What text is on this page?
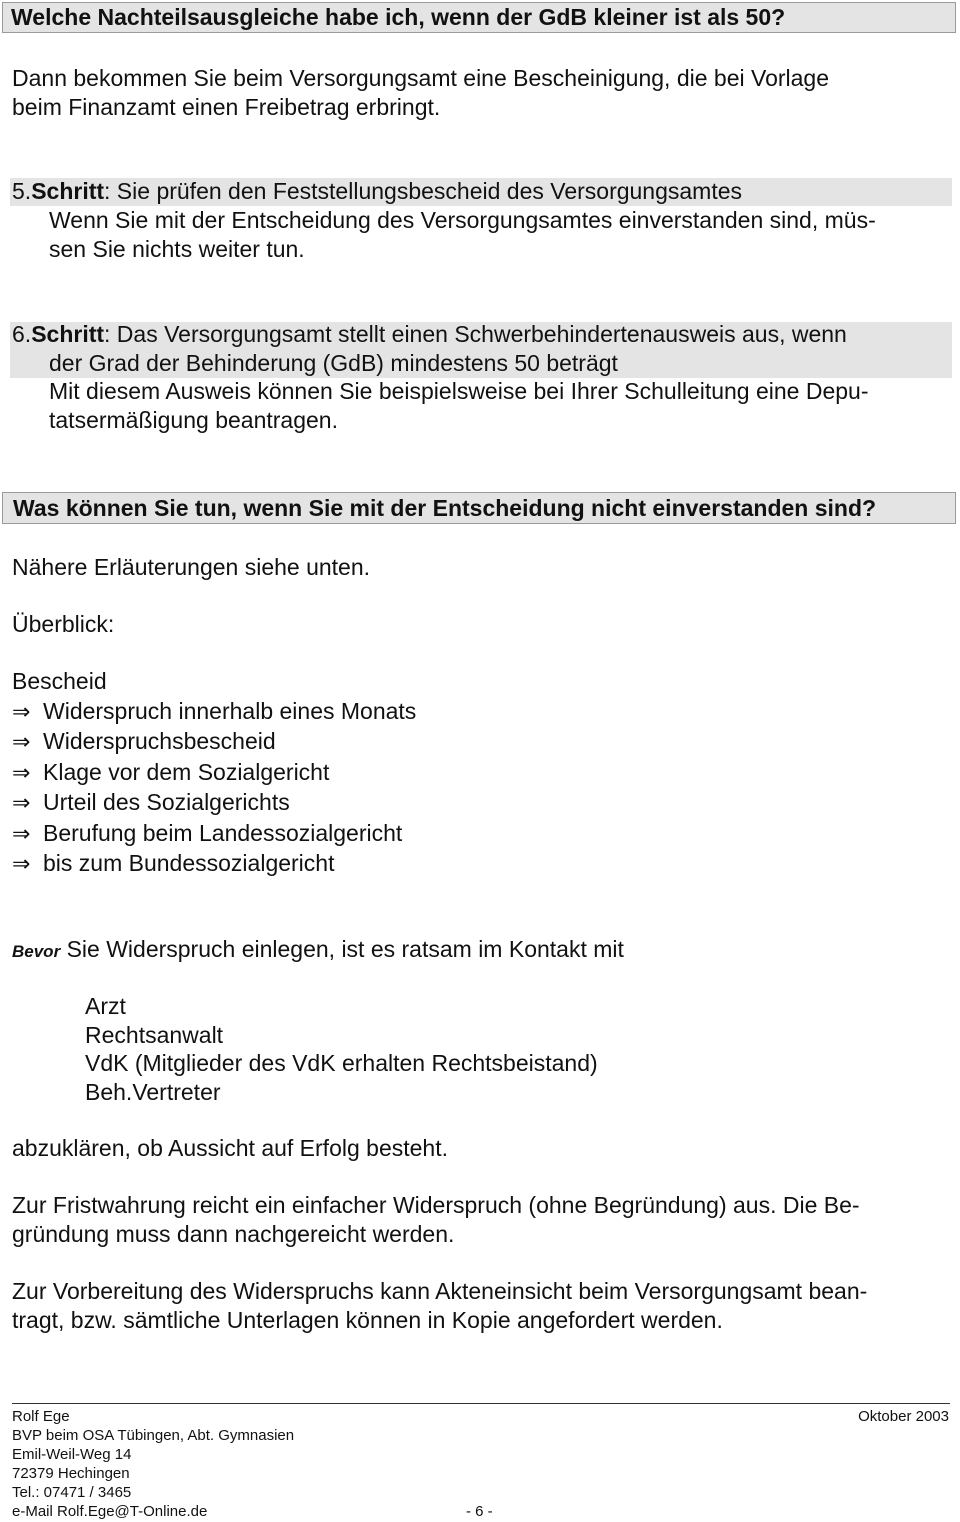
Welche Nachteilsausgleiche habe ich, wenn der GdB kleiner ist als 50?
Dann bekommen Sie beim Versorgungsamt eine Bescheinigung, die bei Vorlage
beim Finanzamt einen Freibetrag erbringt.
5.Schritt: Sie prüfen den Feststellungsbescheid des Versorgungsamtes
Wenn Sie mit der Entscheidung des Versorgungsamtes einverstanden sind, müs-
sen Sie nichts weiter tun.
6.Schritt: Das Versorgungsamt stellt einen Schwerbehindertenausweis aus, wenn
der Grad der Behinderung (GdB) mindestens 50 beträgt
Mit diesem Ausweis können Sie beispielsweise bei Ihrer Schulleitung eine Depu-
tatsermäßigung beantragen.
Was können Sie tun, wenn Sie mit der Entscheidung nicht einverstanden sind?
Nähere Erläuterungen siehe unten.
Überblick:
Bescheid
⇒ Widerspruch innerhalb eines Monats
⇒ Widerspruchsbescheid
⇒ Klage vor dem Sozialgericht
⇒ Urteil des Sozialgerichts
⇒ Berufung beim Landessozialgericht
⇒ bis zum Bundessozialgericht
Bevor Sie Widerspruch einlegen, ist es ratsam im Kontakt mit
Arzt
Rechtsanwalt
VdK (Mitglieder des VdK erhalten Rechtsbeistand)
Beh.Vertreter
abzuklären, ob Aussicht auf Erfolg besteht.
Zur Fristwahrung reicht ein einfacher Widerspruch (ohne Begründung) aus. Die Be-
gründung muss dann nachgereicht werden.
Zur Vorbereitung des Widerspruchs kann Akteneinsicht beim Versorgungsamt bean-
tragt, bzw. sämtliche Unterlagen können in Kopie angefordert werden.
Rolf Ege
BVP beim OSA Tübingen, Abt. Gymnasien
Emil-Weil-Weg 14
72379 Hechingen
Tel.: 07471 / 3465
e-Mail Rolf.Ege@T-Online.de
Oktober 2003
- 6 -
